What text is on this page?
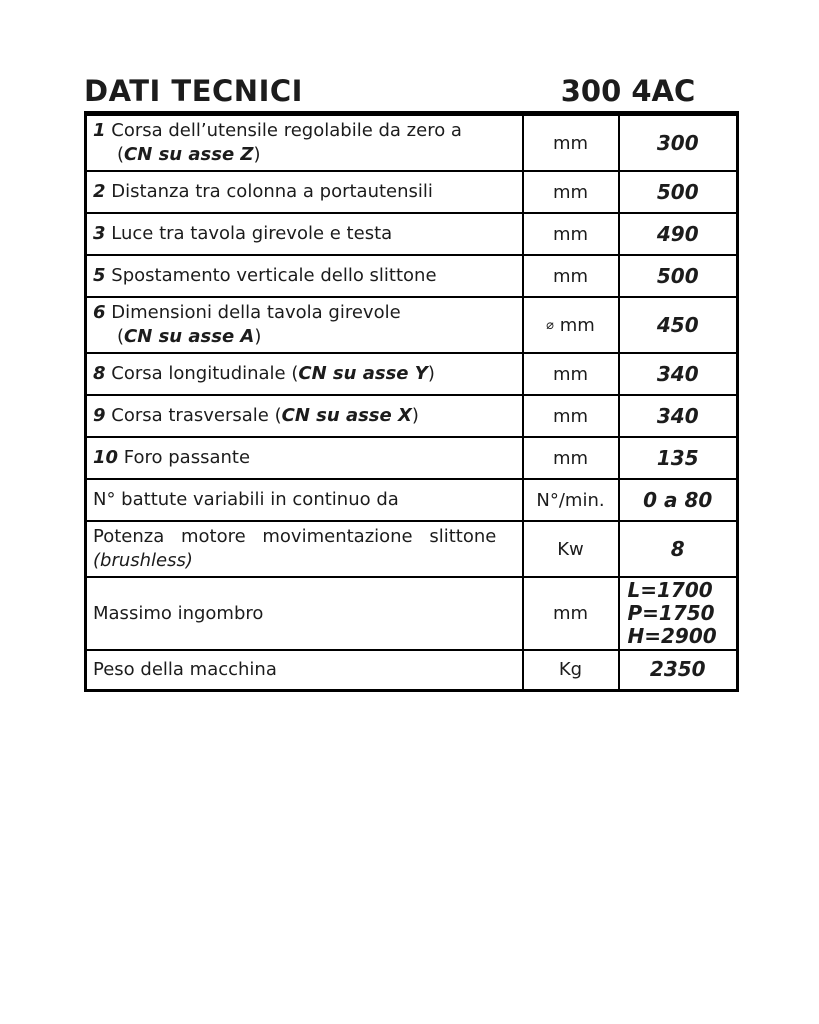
DATI TECNICI	300 4AC
1 Corsa dell’utensile regolabile da zero a
(CN su asse Z)	mm	300
2 Distanza tra colonna a portautensili	mm	500
3 Luce tra tavola girevole e testa	mm	490
5 Spostamento verticale dello slittone	mm	500

6 Dimensioni della tavola girevole
(CN su asse A)	⌀ mm	450
8 Corsa longitudinale (CN su asse Y)	mm	340
9 Corsa trasversale (CN su asse X)	mm	340
10 Foro passante	mm	135
N° battute variabili in continuo da	N°/min.	0 a 80

Potenza motore movimentazione slittone
(brushless)	Kw	8
Massimo ingombro	mm	L=1700
P=1750
H=2900

Peso della macchina	Kg	2350
